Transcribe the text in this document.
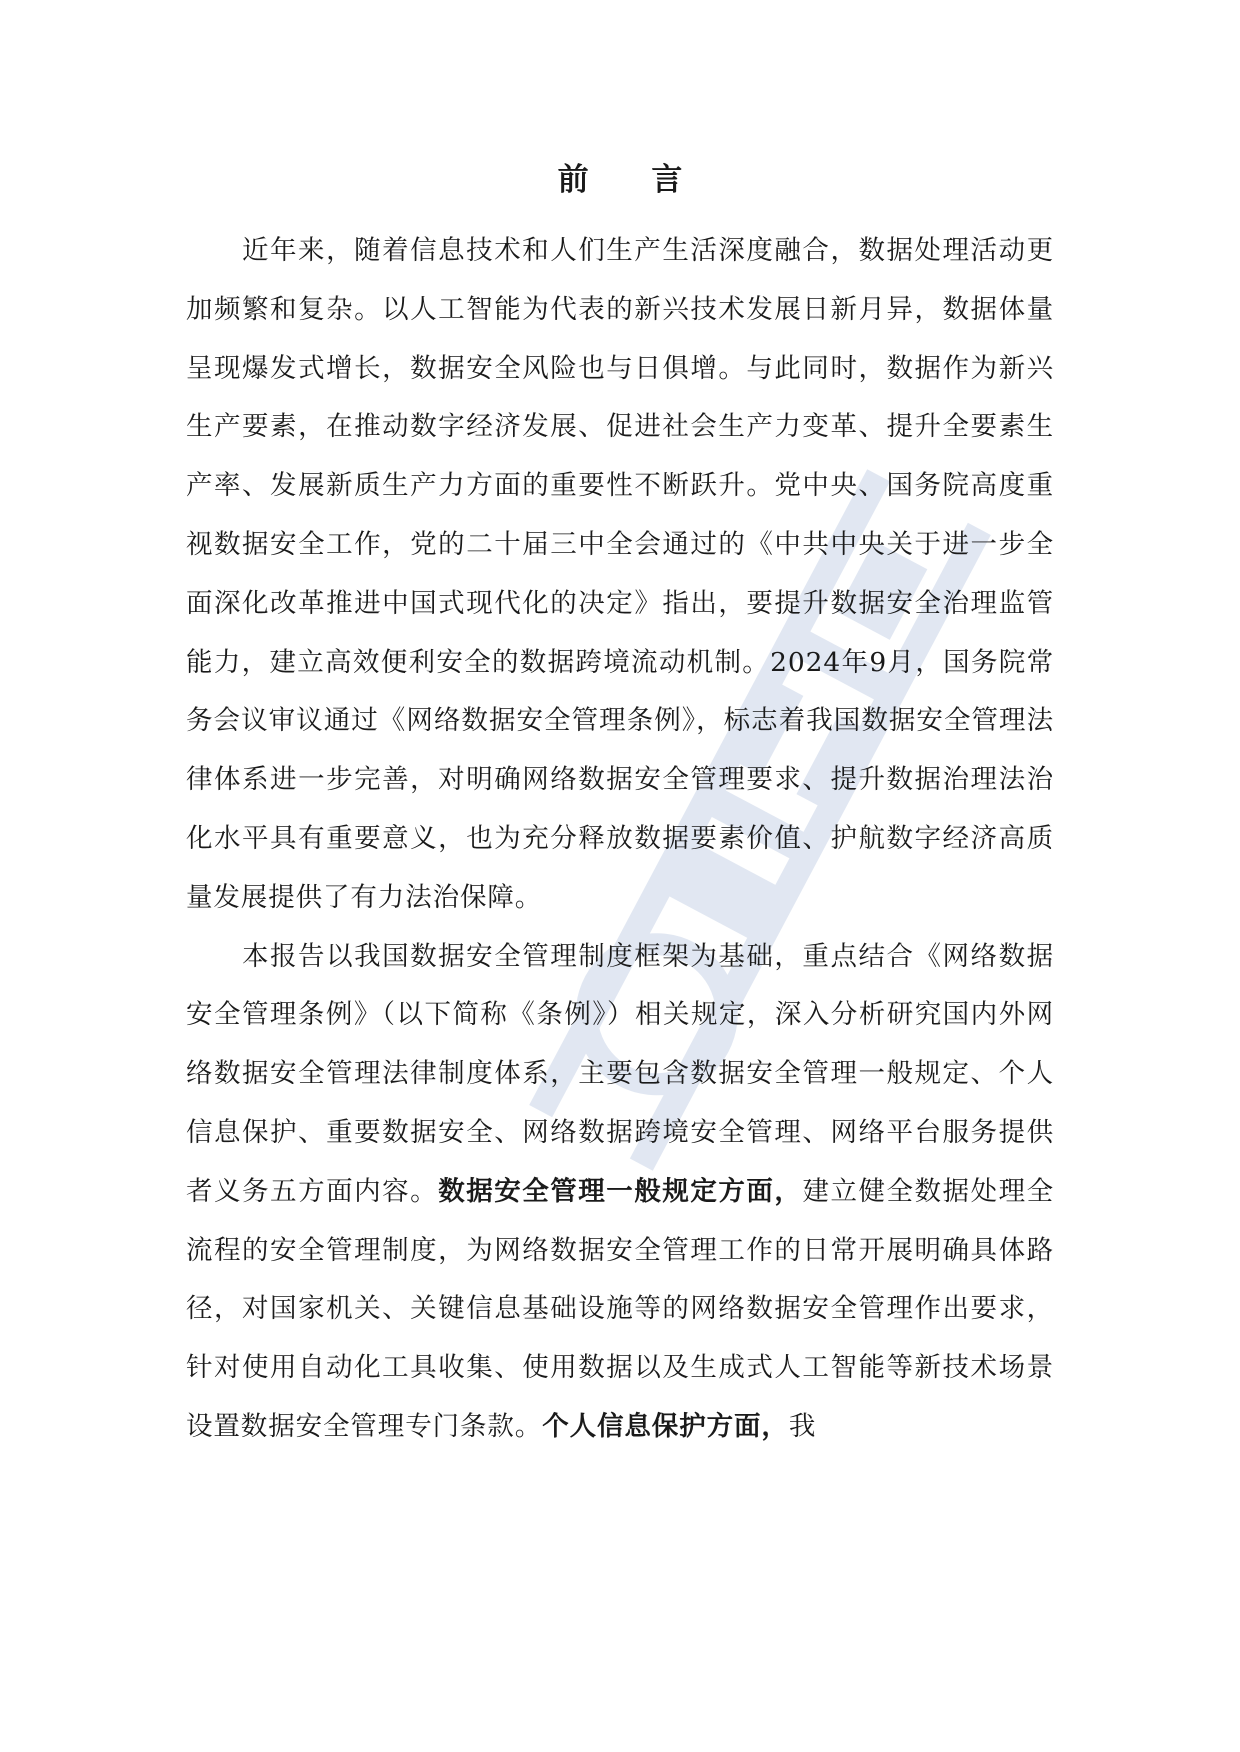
前 言

近年来，随着信息技术和人们生产生活深度融合，数据处理活动更加频繁和复杂。以人工智能为代表的新兴技术发展日新月异，数据体量呈现爆发式增长，数据安全风险也与日俱增。与此同时，数据作为新兴生产要素，在推动数字经济发展、促进社会生产力变革、提升全要素生产率、发展新质生产力方面的重要性不断跃升。党中央、国务院高度重视数据安全工作，党的二十届三中全会通过的《中共中央关于进一步全面深化改革推进中国式现代化的决定》指出，要提升数据安全治理监管能力，建立高效便利安全的数据跨境流动机制。2024年9月，国务院常务会议审议通过《网络数据安全管理条例》，标志着我国数据安全管理法律体系进一步完善，对明确网络数据安全管理要求、提升数据治理法治化水平具有重要意义，也为充分释放数据要素价值、护航数字经济高质量发展提供了有力法治保障。

本报告以我国数据安全管理制度框架为基础，重点结合《网络数据安全管理条例》（以下简称《条例》）相关规定，深入分析研究国内外网络数据安全管理法律制度体系，主要包含数据安全管理一般规定、个人信息保护、重要数据安全、网络数据跨境安全管理、网络平台服务提供者义务五方面内容。数据安全管理一般规定方面，建立健全数据处理全流程的安全管理制度，为网络数据安全管理工作的日常开展明确具体路径，对国家机关、关键信息基础设施等的网络数据安全管理作出要求，针对使用自动化工具收集、使用数据以及生成式人工智能等新技术场景设置数据安全管理专门条款。个人信息保护方面，我
